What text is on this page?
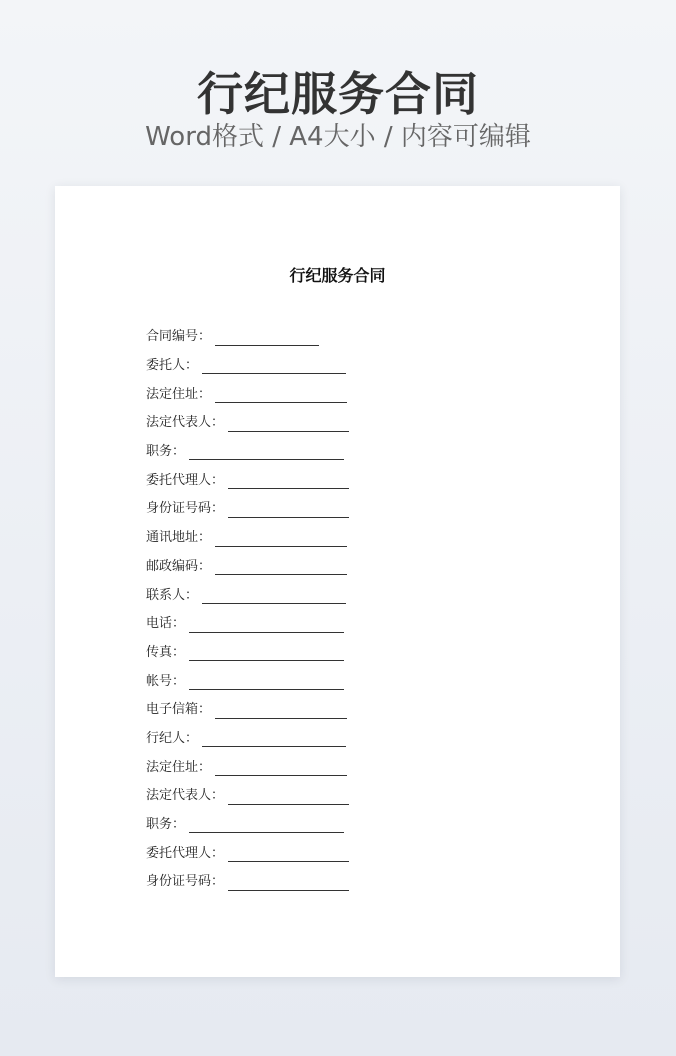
行纪服务合同
Word格式 / A4大小 / 内容可编辑
行纪服务合同
合同编号：
委托人：
法定住址：
法定代表人：
职务：
委托代理人：
身份证号码：
通讯地址：
邮政编码：
联系人：
电话：
传真：
帐号：
电子信箱：
行纪人：
法定住址：
法定代表人：
职务：
委托代理人：
身份证号码：
